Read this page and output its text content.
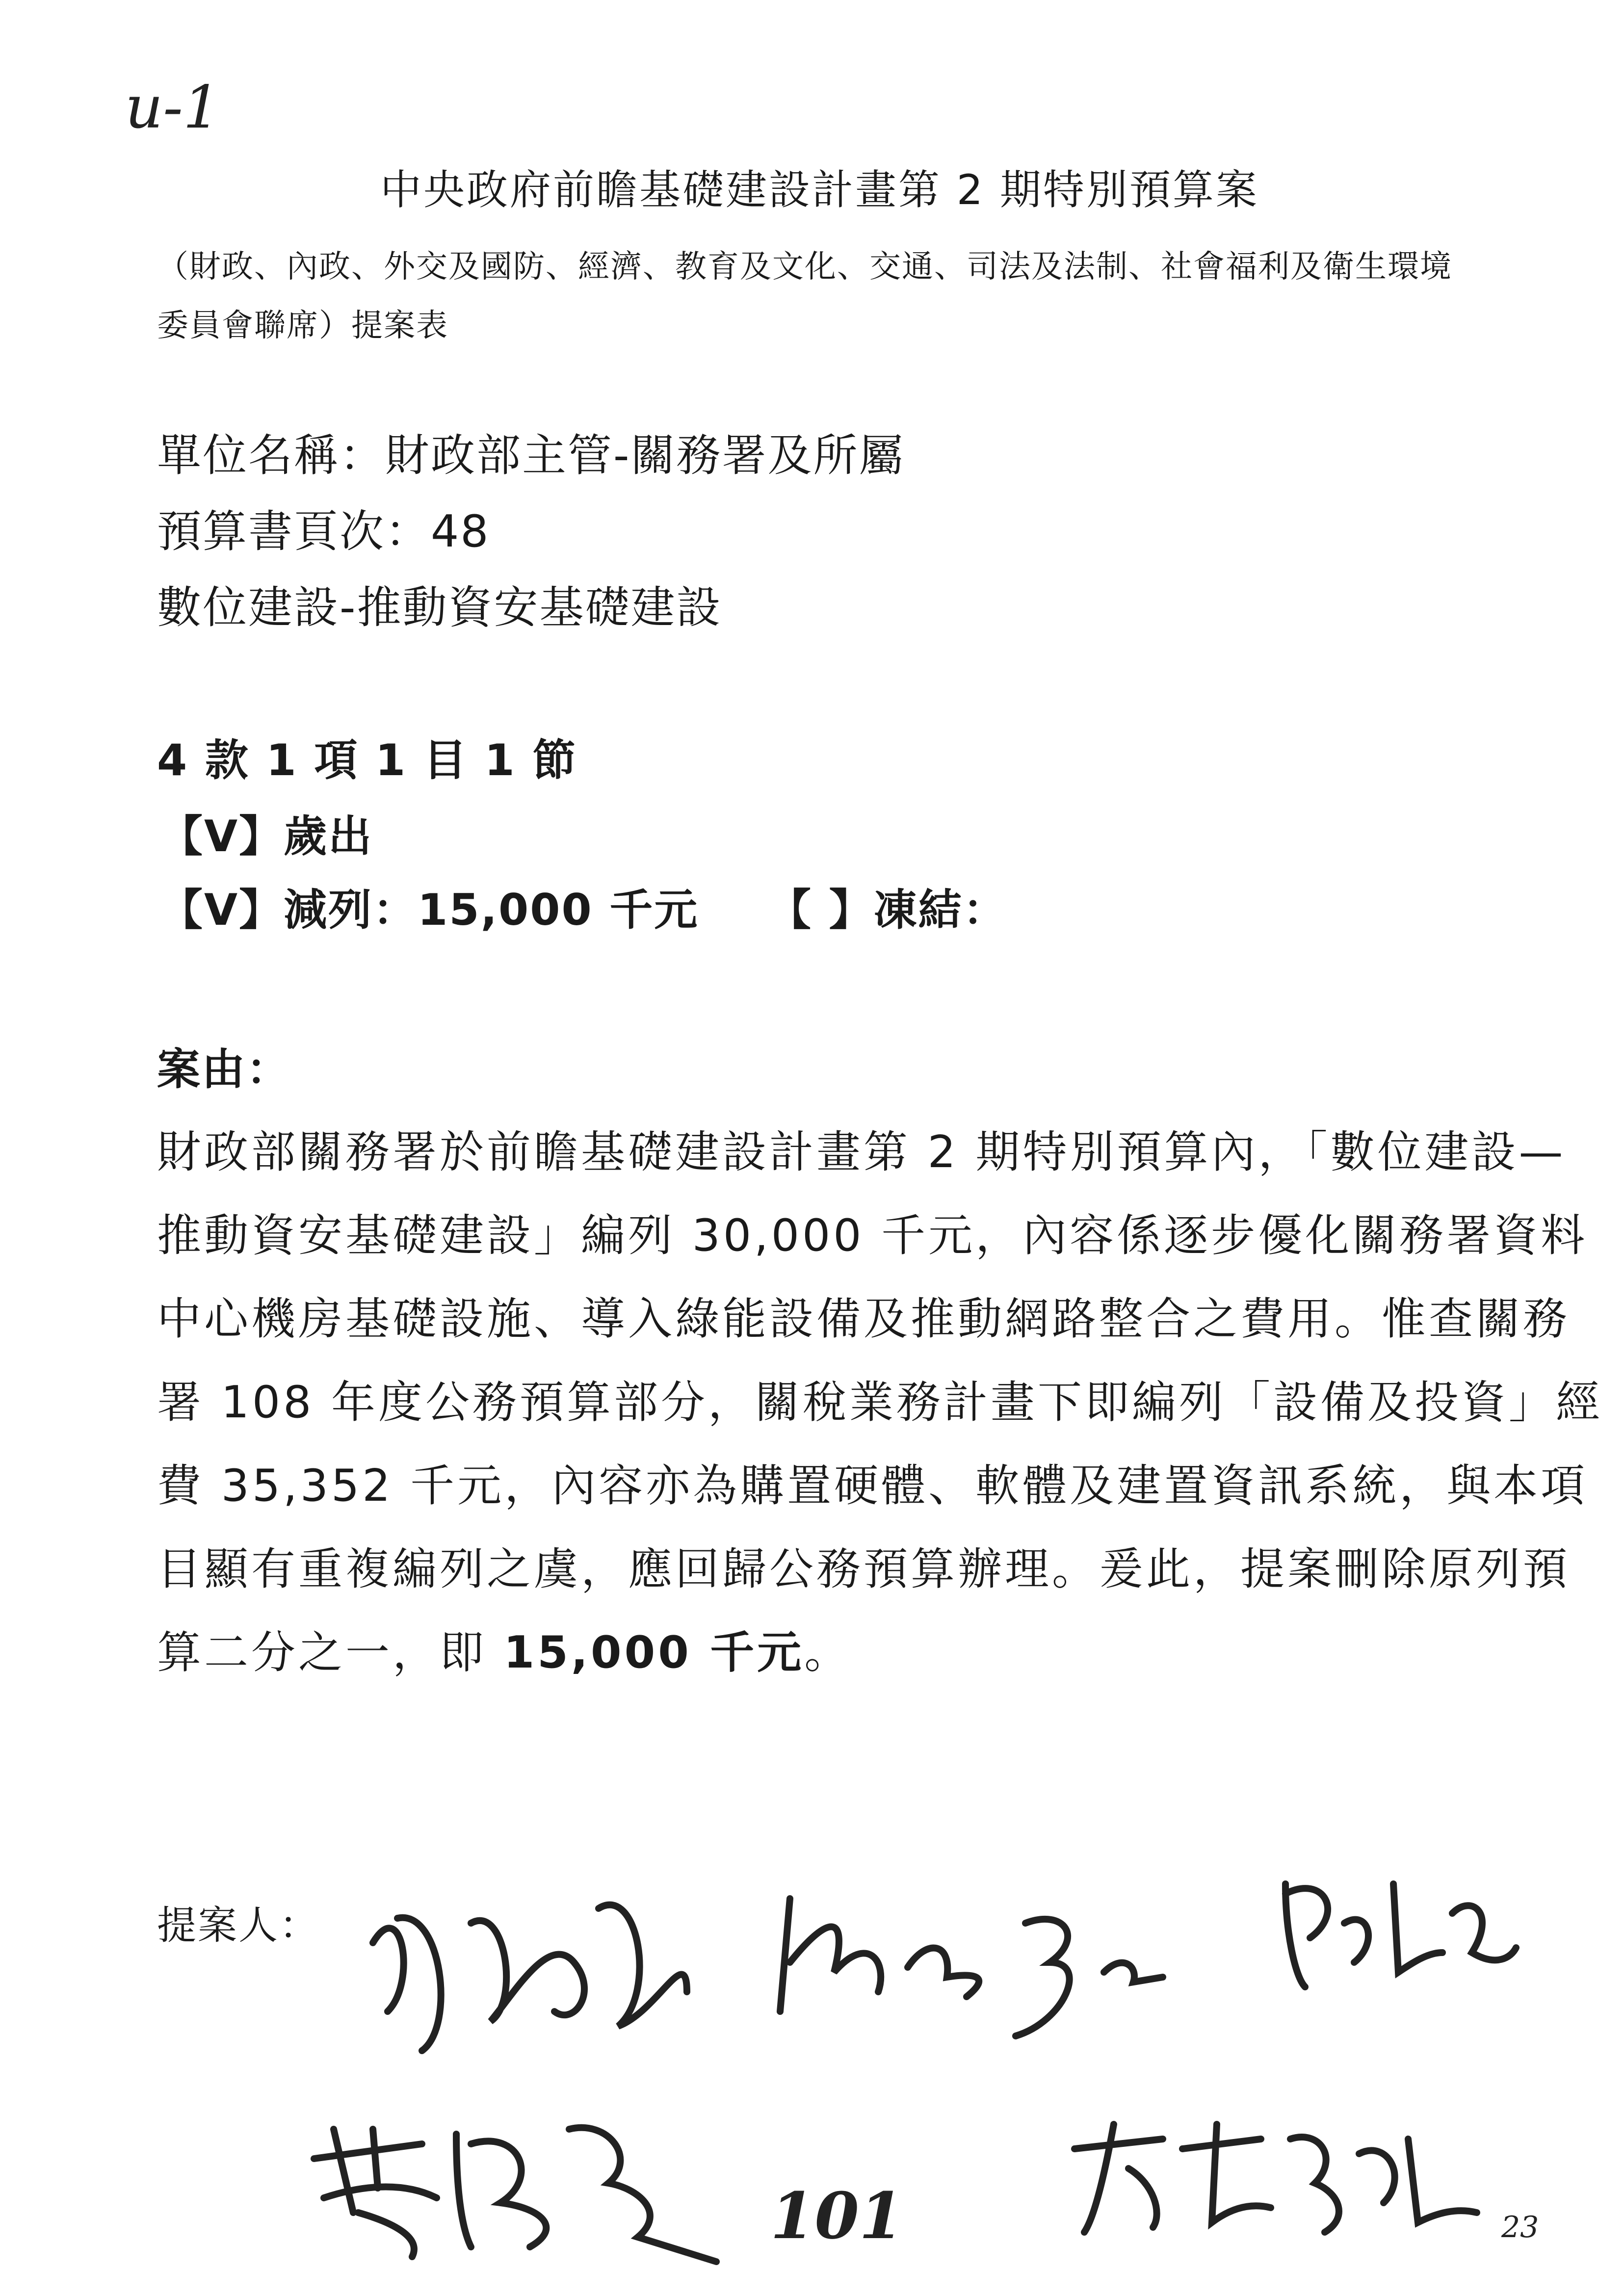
u-1
中央政府前瞻基礎建設計畫第 2 期特別預算案
（財政、內政、外交及國防、經濟、教育及文化、交通、司法及法制、社會福利及衛生環境
委員會聯席）提案表
單位名稱：財政部主管-關務署及所屬
預算書頁次：48
數位建設-推動資安基礎建設
4 款 1 項 1 目 1 節
【V】歲出
【V】減列：15,000 千元 【 】凍結：
案由：
財政部關務署於前瞻基礎建設計畫第 2 期特別預算內，「數位建設—
推動資安基礎建設」編列 30,000 千元，內容係逐步優化關務署資料
中心機房基礎設施、導入綠能設備及推動網路整合之費用。惟查關務
署 108 年度公務預算部分，關稅業務計畫下即編列「設備及投資」經
費 35,352 千元，內容亦為購置硬體、軟體及建置資訊系統，與本項
目顯有重複編列之虞，應回歸公務預算辦理。爰此，提案刪除原列預
算二分之一，即 15,000 千元。
提案人：
101	23
